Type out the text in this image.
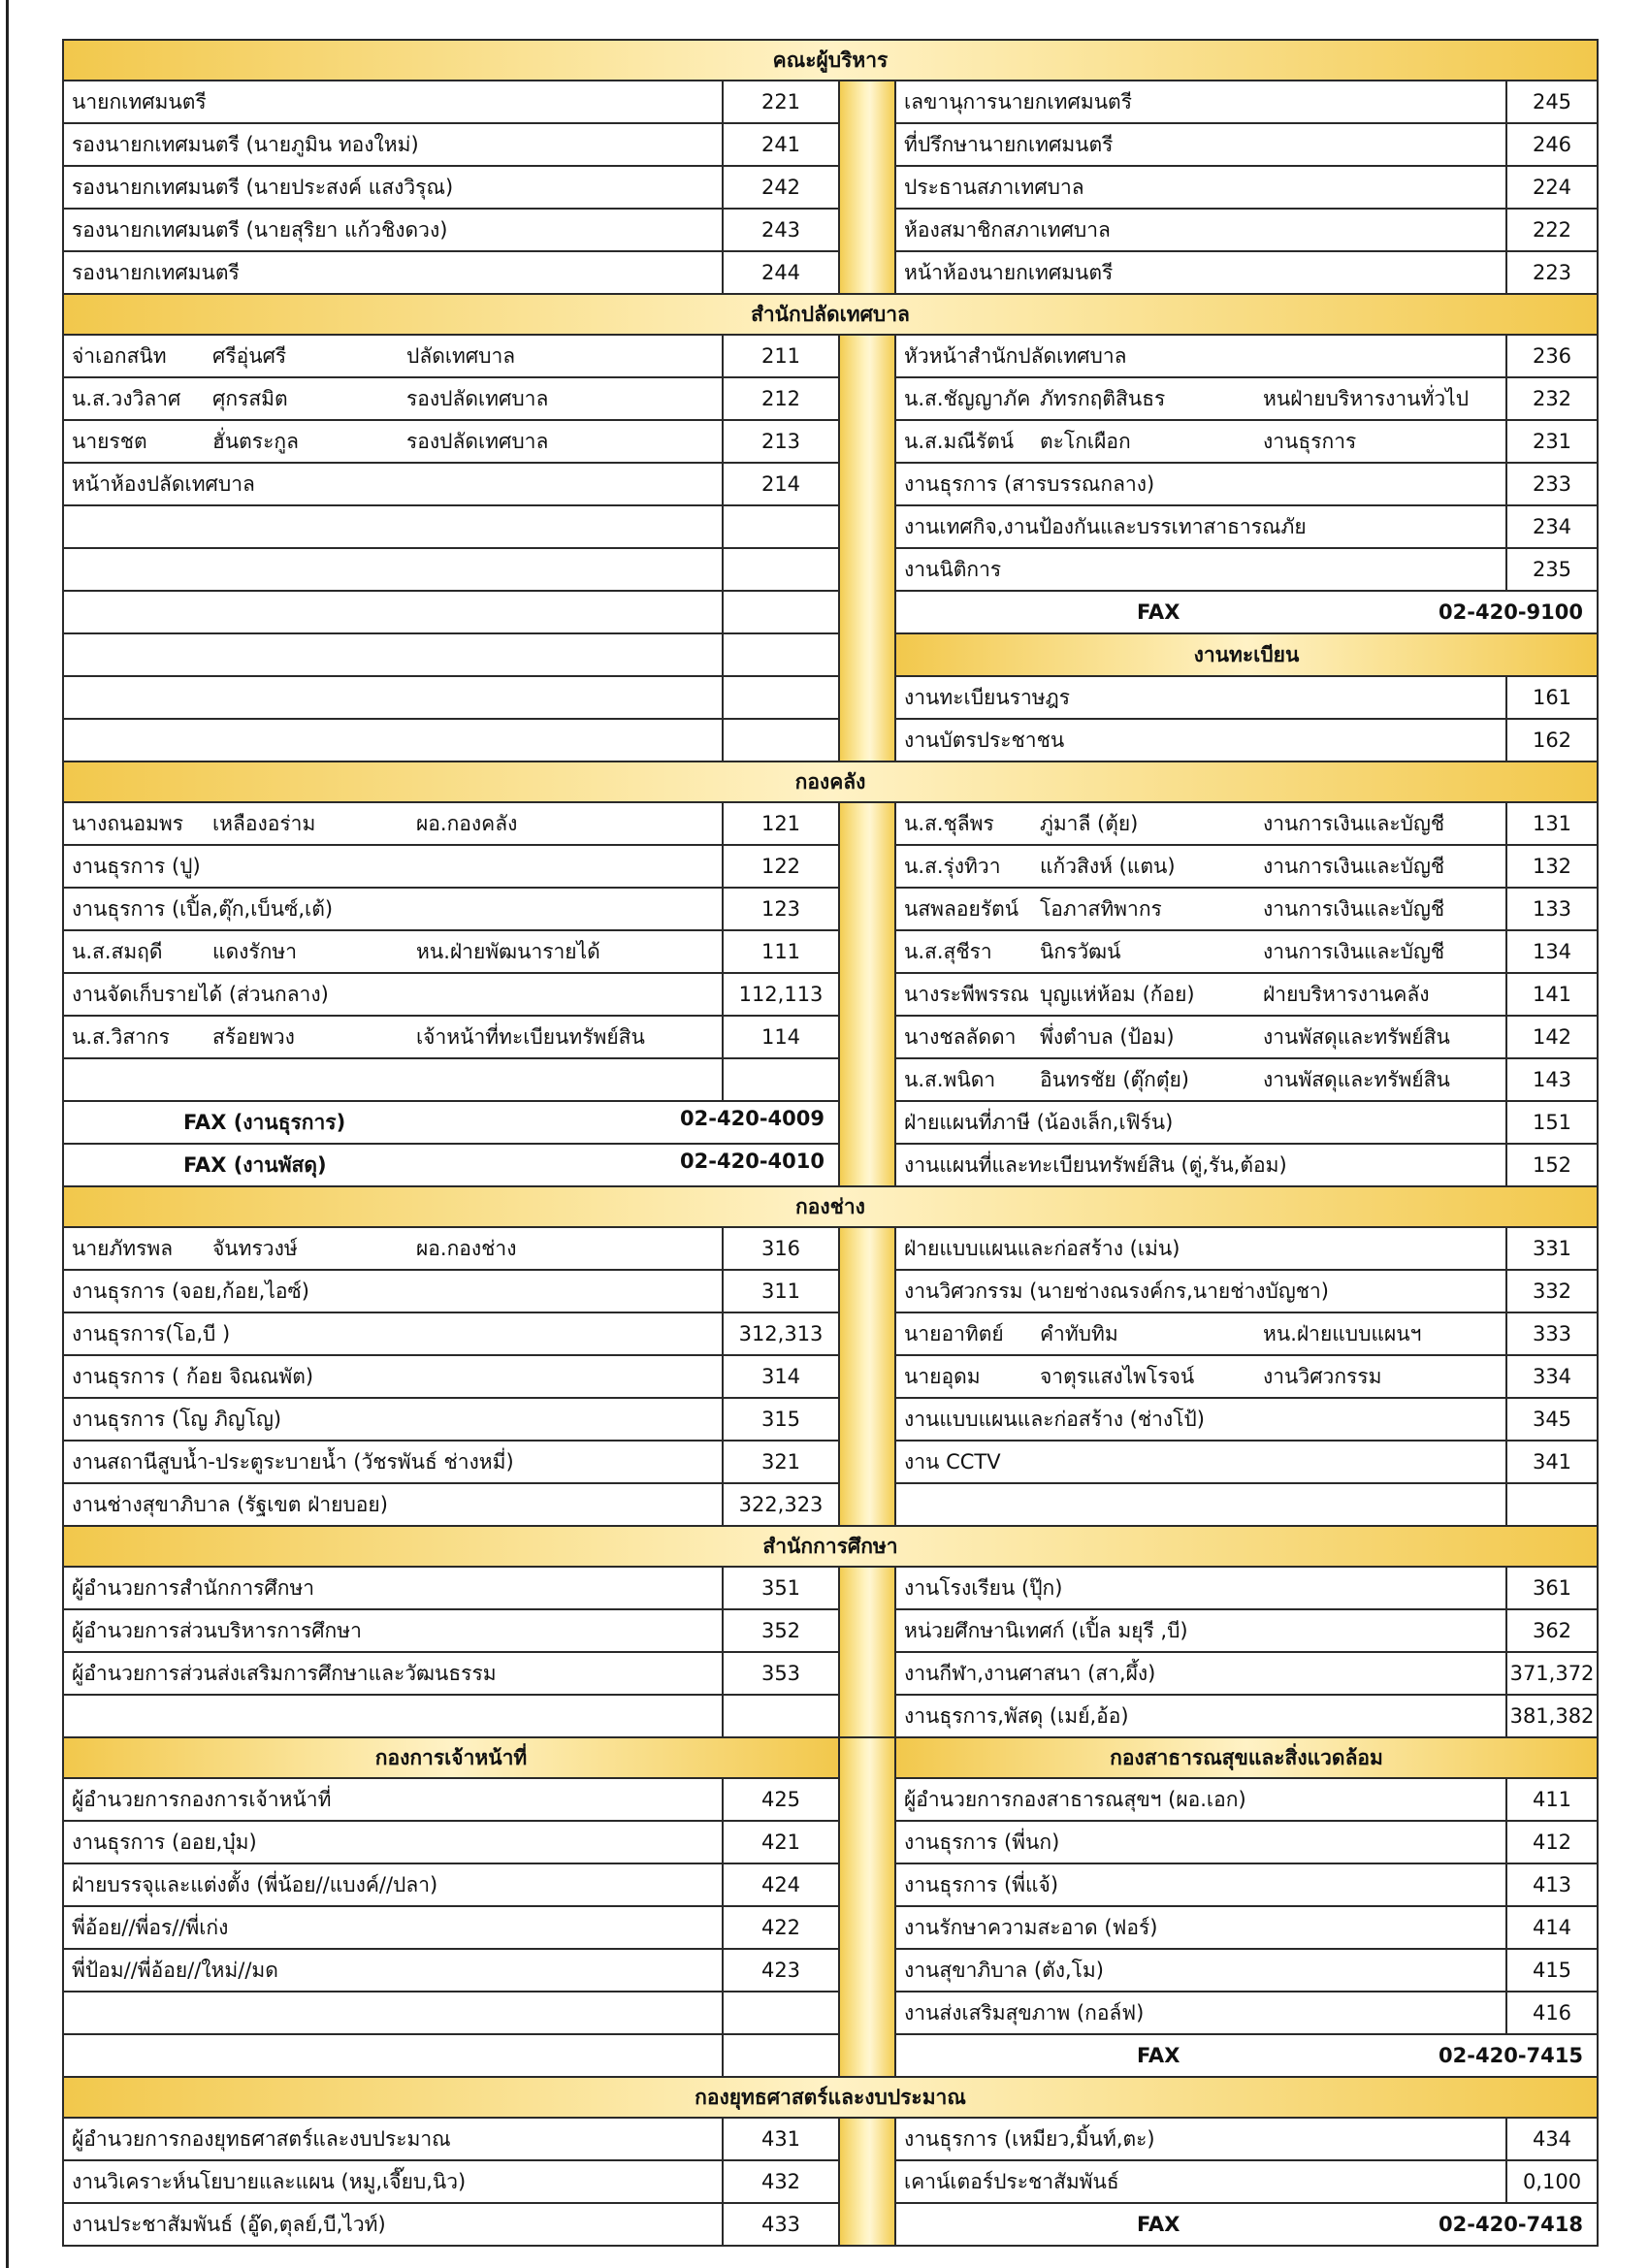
คณะผู้บริหาร				
นายกเทศมนตรี	221		เลขานุการนายกเทศมนตรี	245
รองนายกเทศมนตรี (นายภูมิน ทองใหม่)	241		ที่ปรึกษานายกเทศมนตรี	246
รองนายกเทศมนตรี (นายประสงค์ แสงวิรุณ)	242		ประธานสภาเทศบาล	224
รองนายกเทศมนตรี (นายสุริยา แก้วชิงดวง)	243		ห้องสมาชิกสภาเทศบาล	222
รองนายกเทศมนตรี	244		หน้าห้องนายกเทศมนตรี	223
สำนักปลัดเทศบาล				
จ่าเอกสนิท ศรีอุ่นศรี ปลัดเทศบาล	211		หัวหน้าสำนักปลัดเทศบาล	236
น.ส.วงวิลาศ ศุกรสมิต รองปลัดเทศบาล	212		น.ส.ชัญญาภัค ภัทรกฤติสินธร หนฝ่ายบริหารงานทั่วไป	232
นายรชต ฮั่นตระกูล รองปลัดเทศบาล	213		น.ส.มณีรัตน์ ตะโกเผือก งานธุรการ	231
หน้าห้องปลัดเทศบาล	214		งานธุรการ (สารบรรณกลาง)	233
			งานเทศกิจ,งานป้องกันและบรรเทาสาธารณภัย	234
			งานนิติการ	235

			FAX 02-420-9100	

			งานทะเบียน	
			งานทะเบียนราษฎร	161
			งานบัตรประชาชน	162
กองคลัง				
นางถนอมพร เหลืองอร่าม ผอ.กองคลัง	121		น.ส.ชุลีพร ภู่มาลี (ตุ้ย) งานการเงินและบัญชี	131
งานธุรการ (ปู)	122		น.ส.รุ่งทิวา แก้วสิงห์ (แตน) งานการเงินและบัญชี	132
งานธุรการ (เปิ้ล,ตุ๊ก,เบ็นซ์,เต้)	123		นสพลอยรัตน์ โอภาสทิพากร งานการเงินและบัญชี	133
น.ส.สมฤดี แดงรักษา หน.ฝ่ายพัฒนารายได้	111		น.ส.สุชีรา นิกรวัฒน์ งานการเงินและบัญชี	134
งานจัดเก็บรายได้ (ส่วนกลาง)	112,113		นางระพีพรรณ บุญแห่ห้อม (ก้อย) ฝ่ายบริหารงานคลัง	141
น.ส.วิสากร สร้อยพวง เจ้าหน้าที่ทะเบียนทรัพย์สิน	114		นางชลลัดดา พึ่งตำบล (ป้อม) งานพัสดุและทรัพย์สิน	142
			น.ส.พนิดา อินทรชัย (ตุ๊กตุ๋ย) งานพัสดุและทรัพย์สิน	143

FAX (งานธุรการ) 02-420-4009			ฝ่ายแผนที่ภาษี (น้องเล็ก,เฟิร์น)	151

FAX (งานพัสดุ) 02-420-4010			งานแผนที่และทะเบียนทรัพย์สิน (ตู่,รัน,ต้อม)	152
กองช่าง				
นายภัทรพล จันทรวงษ์ ผอ.กองช่าง	316		ฝ่ายแบบแผนและก่อสร้าง (เม่น)	331
งานธุรการ (จอย,ก้อย,ไอซ์)	311		งานวิศวกรรม (นายช่างณรงค์กร,นายช่างบัญชา)	332
งานธุรการ(โอ,บี )	312,313		นายอาทิตย์ คำทับทิม หน.ฝ่ายแบบแผนฯ	333
งานธุรการ ( ก้อย จิณณพัต)	314		นายอุดม จาตุรแสงไพโรจน์ งานวิศวกรรม	334
งานธุรการ (โญ ภิญโญ)	315		งานแบบแผนและก่อสร้าง (ช่างโป้)	345
งานสถานีสูบน้ำ-ประตูระบายน้ำ (วัชรพันธ์ ช่างหมี่)	321		งาน CCTV	341
งานช่างสุขาภิบาล (รัฐเขต ฝ่ายบอย)	322,323			
สำนักการศึกษา				
ผู้อำนวยการสำนักการศึกษา	351		งานโรงเรียน (ปุ๊ก)	361
ผู้อำนวยการส่วนบริหารการศึกษา	352		หน่วยศึกษานิเทศก์ (เปิ้ล มยุรี ,บี)	362
ผู้อำนวยการส่วนส่งเสริมการศึกษาและวัฒนธรรม	353		งานกีฬา,งานศาสนา (สา,ผึ้ง)	371,372
			งานธุรการ,พัสดุ (เมย์,อ้อ)	381,382
กองการเจ้าหน้าที่			กองสาธารณสุขและสิ่งแวดล้อม	
ผู้อำนวยการกองการเจ้าหน้าที่	425		ผู้อำนวยการกองสาธารณสุขฯ (ผอ.เอก)	411
งานธุรการ (ออย,บุ๋ม)	421		งานธุรการ (พี่นก)	412
ฝ่ายบรรจุและแต่งตั้ง (พี่น้อย//แบงค์//ปลา)	424		งานธุรการ (พี่แจ้)	413
พี่อ้อย//พี่อร//พี่เก่ง	422		งานรักษาความสะอาด (ฟอร์)	414
พี่ป้อม//พี่อ้อย//ใหม่//มด	423		งานสุขาภิบาล (ตัง,โม)	415
			งานส่งเสริมสุขภาพ (กอล์ฟ)	416

			FAX 02-420-7415	

กองยุทธศาสตร์และงบประมาณ				
ผู้อำนวยการกองยุทธศาสตร์และงบประมาณ	431		งานธุรการ (เหมียว,มิ้นท์,ตะ)	434
งานวิเคราะห์นโยบายและแผน (หมู,เจี๊ยบ,นิว)	432		เคาน์เตอร์ประชาสัมพันธ์	0,100
งานประชาสัมพันธ์ (อู๊ด,ตุลย์,บี,ไวท์)	433		FAX 02-420-7418	
